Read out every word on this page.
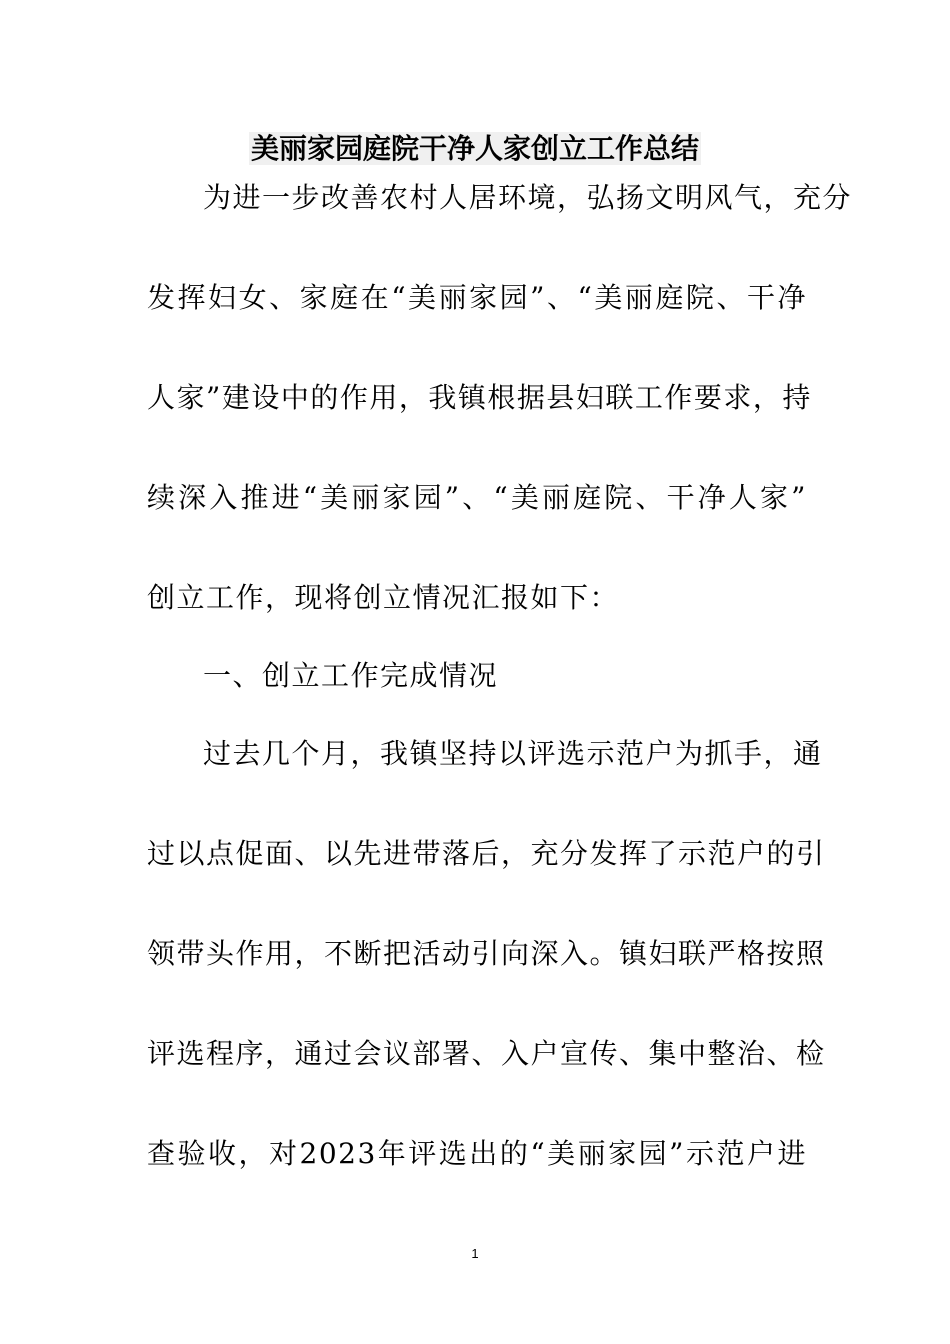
美丽家园庭院干净人家创立工作总结
为进一步改善农村人居环境，弘扬文明风气，充分
发挥妇女、家庭在“美丽家园”、“美丽庭院、干净
人家”建设中的作用，我镇根据县妇联工作要求，持
续深入推进“美丽家园”、“美丽庭院、干净人家”
创立工作，现将创立情况汇报如下：
一、创立工作完成情况
过去几个月，我镇坚持以评选示范户为抓手，通
过以点促面、以先进带落后，充分发挥了示范户的引
领带头作用，不断把活动引向深入。镇妇联严格按照
评选程序，通过会议部署、入户宣传、集中整治、检
查验收，对2023年评选出的“美丽家园”示范户进
1
